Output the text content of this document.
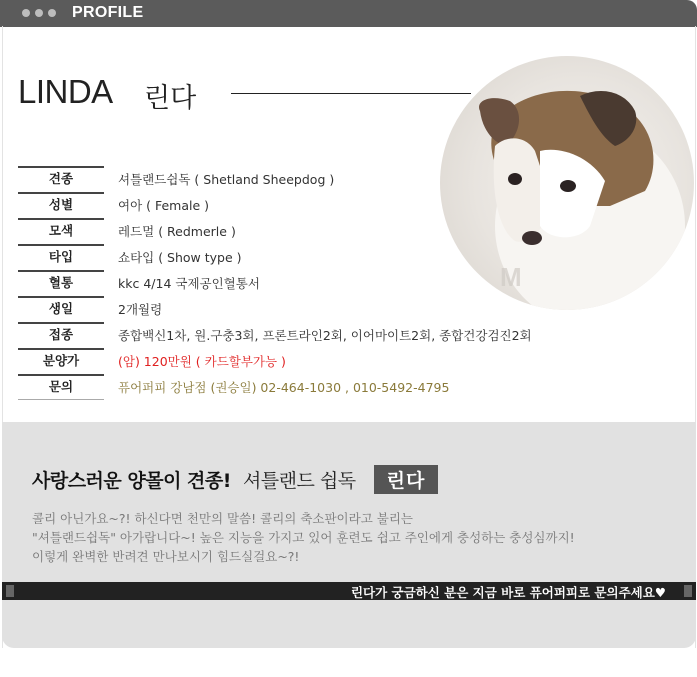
PROFILE
LINDA 린다
M
견종	셔틀랜드쉽독 ( Shetland Sheepdog )
성별	여아 ( Female )
모색	레드멀 ( Redmerle )
타입	쇼타입 ( Show type )
혈통	kkc 4/14 국제공인혈통서
생일	2개월령
접종	종합백신1차, 원.구충3회, 프론트라인2회, 이어마이트2회, 종합건강검진2회
분양가	(암) 120만원 ( 카드할부가능 )
문의	퓨어퍼피 강남점 (권승일) 02-464-1030 , 010-5492-4795
사랑스러운 양몰이 견종! 셔틀랜드 쉽독	린다
콜리 아닌가요~?! 하신다면 천만의 말씀! 콜리의 축소판이라고 불리는
"셔틀랜드쉽독" 아가랍니다~! 높은 지능을 가지고 있어 훈련도 쉽고 주인에게 충성하는 충성심까지!
이렇게 완벽한 반려견 만나보시기 힘드실걸요~?!
린다가 궁금하신 분은 지금 바로 퓨어퍼피로 문의주세요♥
